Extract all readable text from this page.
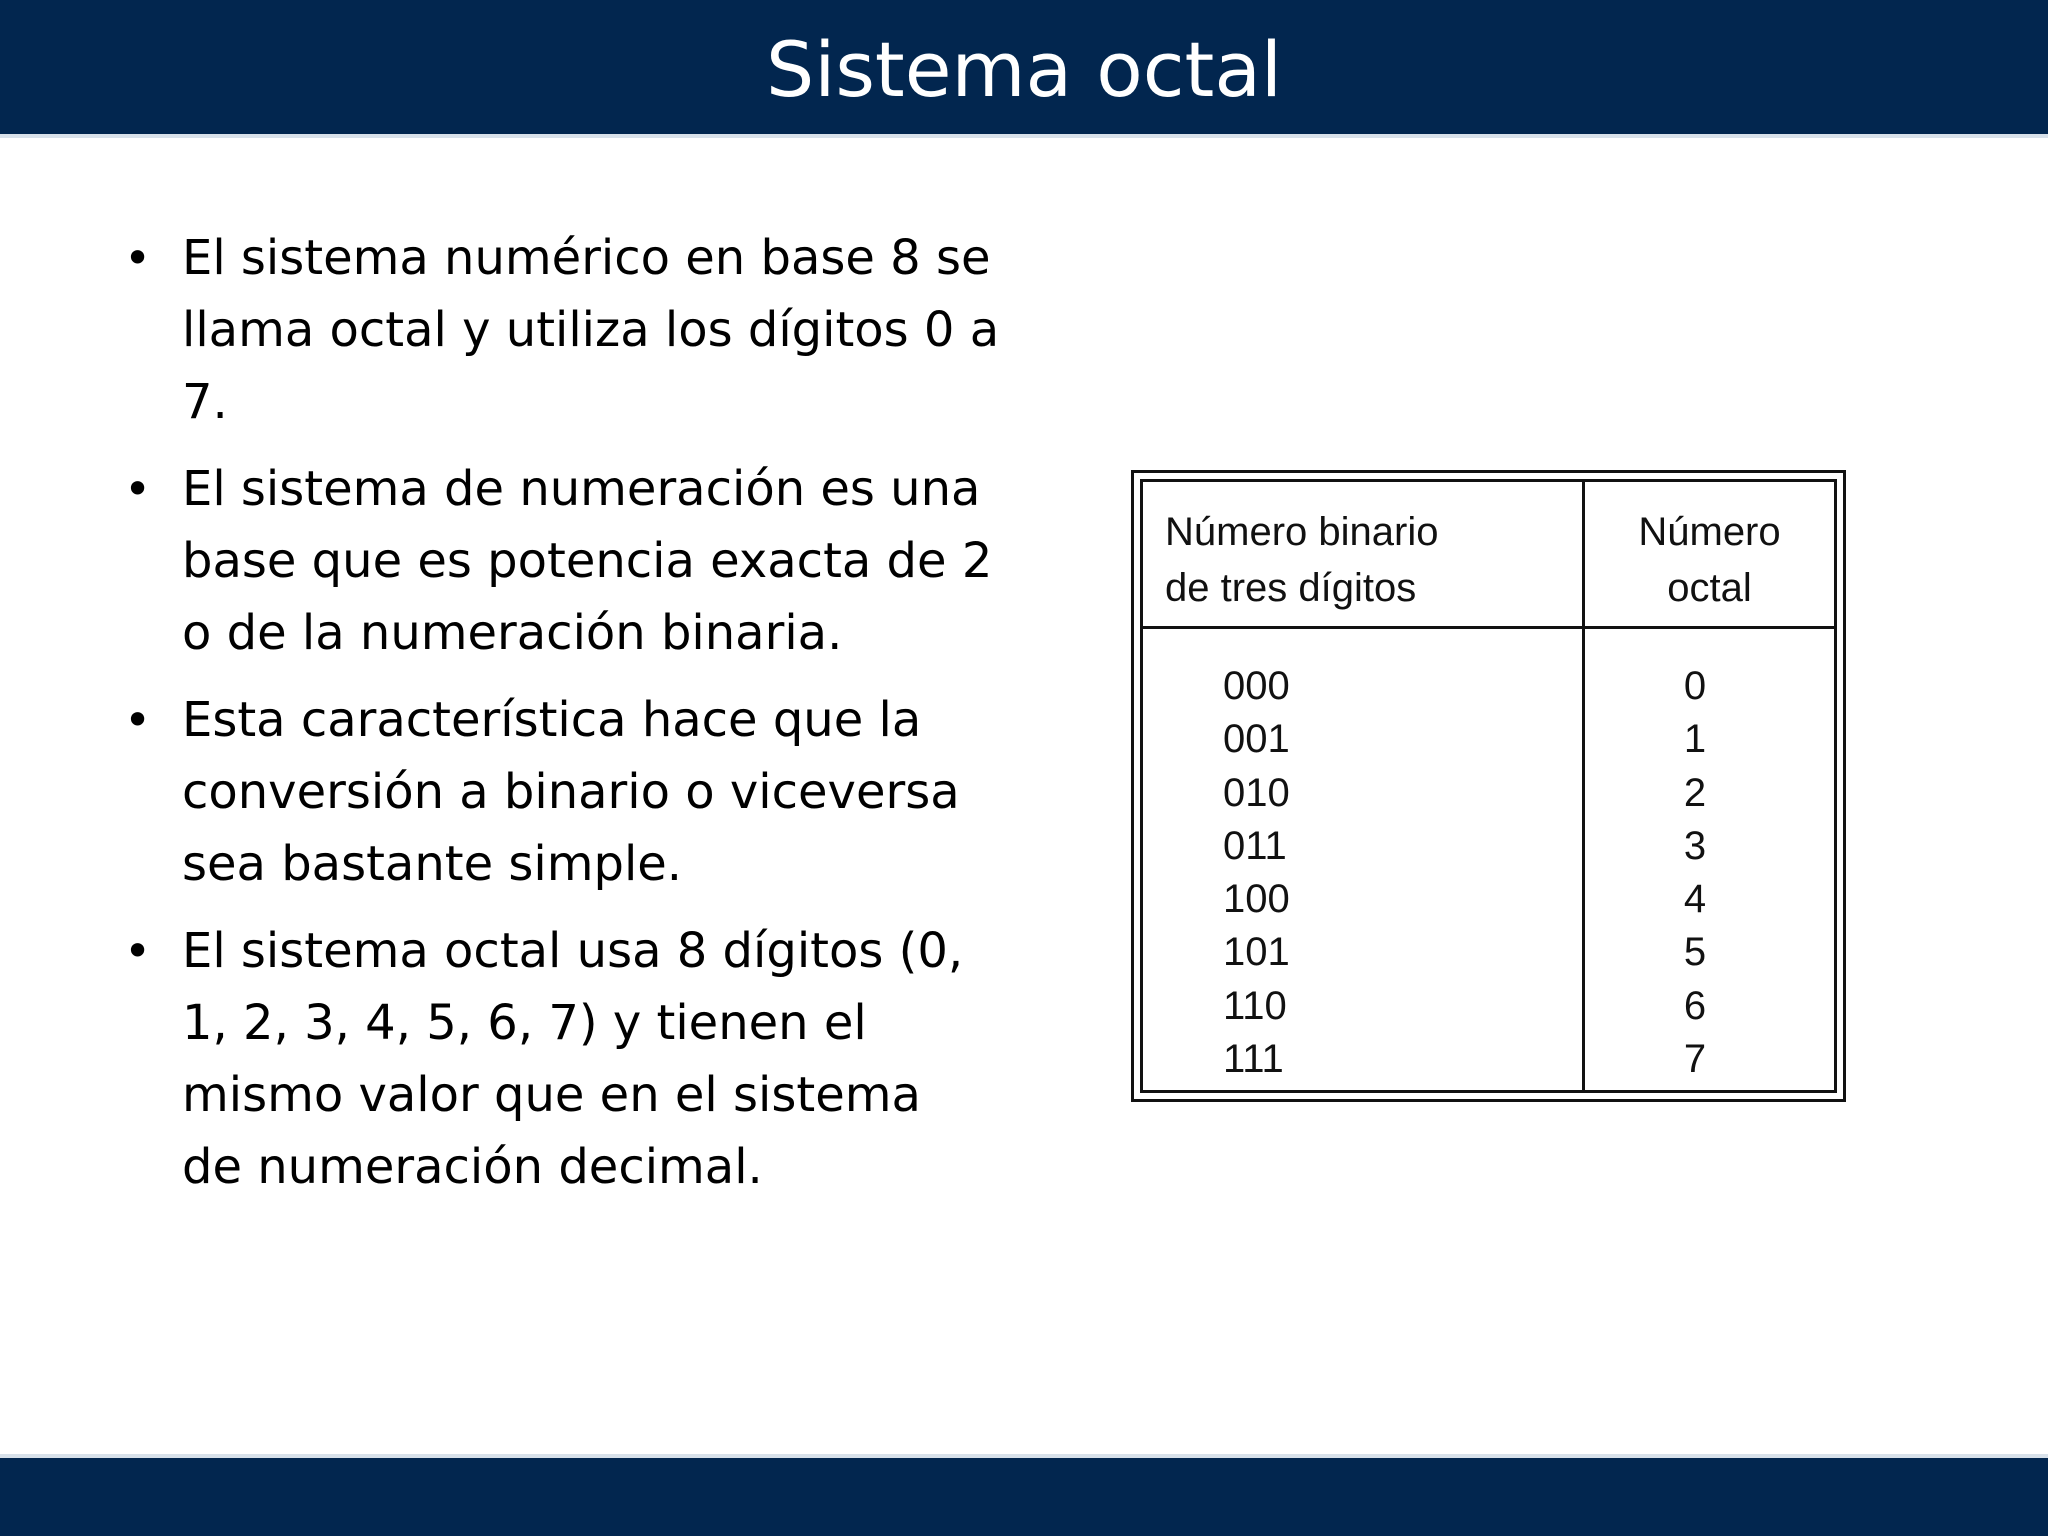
Sistema octal
• El sistema numérico en base 8 se
llama octal y utiliza los dígitos 0 a
7.
• El sistema de numeración es una
base que es potencia exacta de 2
o de la numeración binaria.
• Esta característica hace que la
conversión a binario o viceversa
sea bastante simple.
• El sistema octal usa 8 dígitos (0,
1, 2, 3, 4, 5, 6, 7) y tienen el
mismo valor que en el sistema
de numeración decimal.
Número binario
de tres dígitos
Número
octal
000
001
010
011
100
101
110
111
0
1
2
3
4
5
6
7
